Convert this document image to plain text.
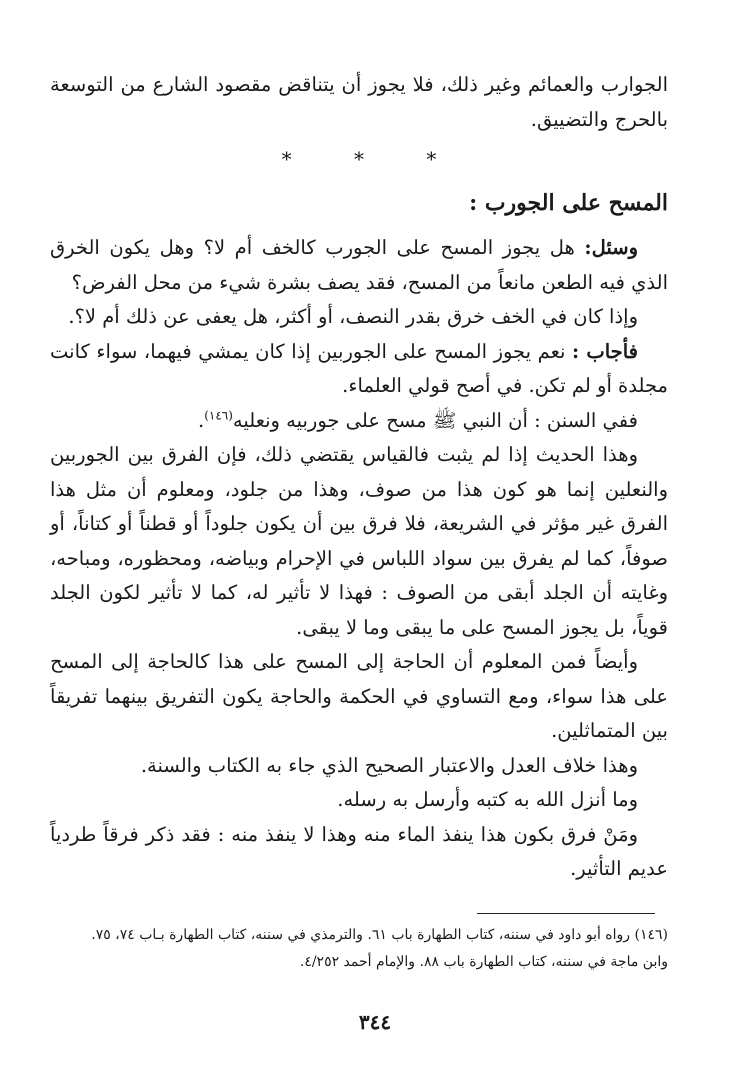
الجوارب والعمائم وغير ذلك، فلا يجوز أن يتناقض مقصود الشارع من التوسعة بالحرج والتضييق.

* * *
المسح على الجورب :

وسئل: هل يجوز المسح على الجورب كالخف أم لا؟ وهل يكون الخرق الذي فيه الطعن مانعاً من المسح، فقد يصف بشرة شيء من محل الفرض؟

وإذا كان في الخف خرق بقدر النصف، أو أكثر، هل يعفى عن ذلك أم لا؟.

فأجاب : نعم يجوز المسح على الجوربين إذا كان يمشي فيهما، سواء كانت مجلدة أو لم تكن. في أصح قولي العلماء.

ففي السنن : أن النبي ﷺ مسح على جوربيه ونعليه$^{(١٤٦)}$.

وهذا الحديث إذا لم يثبت فالقياس يقتضي ذلك، فإن الفرق بين الجوربين والنعلين إنما هو كون هذا من صوف، وهذا من جلود، ومعلوم أن مثل هذا الفرق غير مؤثر في الشريعة، فلا فرق بين أن يكون جلوداً أو قطناً أو كتاناً، أو صوفاً، كما لم يفرق بين سواد اللباس في الإحرام وبياضه، ومحظوره، ومباحه، وغايته أن الجلد أبقى من الصوف : فهذا لا تأثير له، كما لا تأثير لكون الجلد قوياً، بل يجوز المسح على ما يبقى وما لا يبقى.

وأيضاً فمن المعلوم أن الحاجة إلى المسح على هذا كالحاجة إلى المسح على هذا سواء، ومع التساوي في الحكمة والحاجة يكون التفريق بينهما تفريقاً بين المتماثلين.

وهذا خلاف العدل والاعتبار الصحيح الذي جاء به الكتاب والسنة.

وما أنزل الله به كتبه وأرسل به رسله.

ومَنْ فرق بكون هذا ينفذ الماء منه وهذا لا ينفذ منه : فقد ذكر فرقاً طردياً عديم التأثير.

(١٤٦) رواه أبو داود في سننه، كتاب الطهارة باب ٦١. والترمذي في سننه، كتاب الطهارة بـاب ٧٤، ٧٥.
وابن ماجة في سننه، كتاب الطهارة باب ٨٨. والإمام أحمد ٤/٢٥٢.
٣٤٤
